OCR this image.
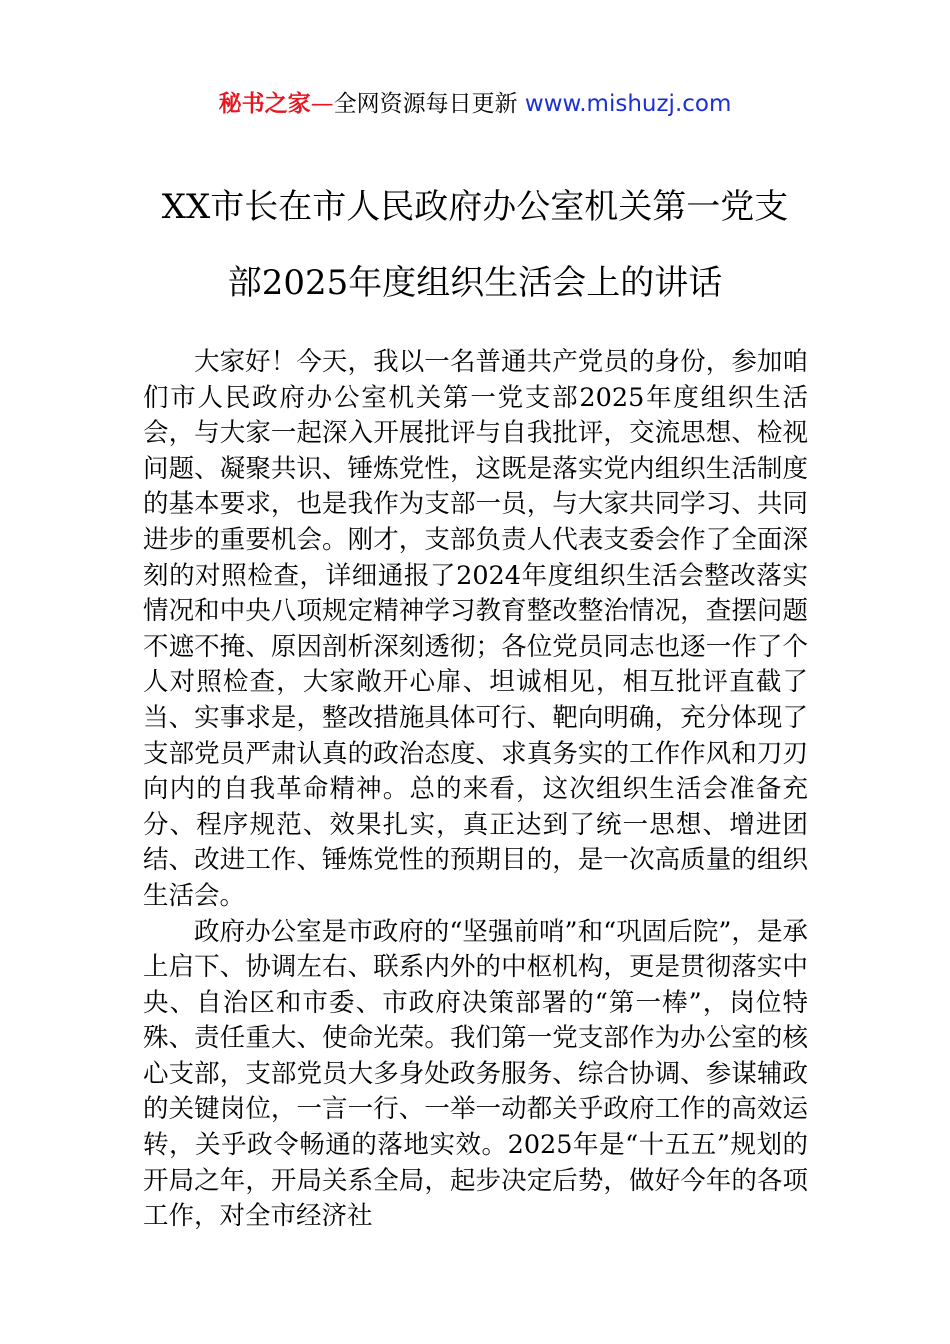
秘书之家—全网资源每日更新 www.mishuzj.com
XX市长在市人民政府办公室机关第一党支
部2025年度组织生活会上的讲话

大家好！今天，我以一名普通共产党员的身份，参加咱们市人民政府办公室机关第一党支部2025年度组织生活会，与大家一起深入开展批评与自我批评，交流思想、检视问题、凝聚共识、锤炼党性，这既是落实党内组织生活制度的基本要求，也是我作为支部一员，与大家共同学习、共同进步的重要机会。刚才，支部负责人代表支委会作了全面深刻的对照检查，详细通报了2024年度组织生活会整改落实情况和中央八项规定精神学习教育整改整治情况，查摆问题不遮不掩、原因剖析深刻透彻；各位党员同志也逐一作了个人对照检查，大家敞开心扉、坦诚相见，相互批评直截了当、实事求是，整改措施具体可行、靶向明确，充分体现了支部党员严肃认真的政治态度、求真务实的工作作风和刀刃向内的自我革命精神。总的来看，这次组织生活会准备充分、程序规范、效果扎实，真正达到了统一思想、增进团结、改进工作、锤炼党性的预期目的，是一次高质量的组织生活会。

政府办公室是市政府的“坚强前哨”和“巩固后院”，是承上启下、协调左右、联系内外的中枢机构，更是贯彻落实中央、自治区和市委、市政府决策部署的“第一棒”，岗位特殊、责任重大、使命光荣。我们第一党支部作为办公室的核心支部，支部党员大多身处政务服务、综合协调、参谋辅政的关键岗位，一言一行、一举一动都关乎政府工作的高效运转，关乎政令畅通的落地实效。2025年是“十五五”规划的开局之年，开局关系全局，起步决定后势，做好今年的各项工作，对全市经济社
